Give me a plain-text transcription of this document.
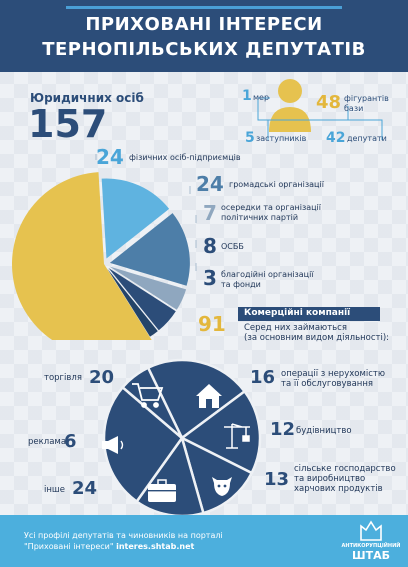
ПРИХОВАНІ ІНТЕРЕСИ
ТЕРНОПІЛЬСЬКИХ ДЕПУТАТІВ
Юридичних осіб
157
1 мер	48 фігурантів
бази
5 заступників 42 депутати
24 фізичних осіб-підприємців
24 громадські організації
7 осередки та організації
політичних партій
8 ОСББ
3 благодійні організації
та фонди
91 Комерційні компанії
Серед них займаються
(за основним видом діяльності):
торгівля 20	16 операції з нерухомістю
та її обслуговування
12 будівництво
6
реклама
13 сільське господарство
та виробництво
харчових продуктів
інше 24
Усі профілі депутатів та чиновників на порталі
"Приховані інтереси" interes.shtab.net	АНТИКОРУПЦІЙНИЙ
ШТАБ
